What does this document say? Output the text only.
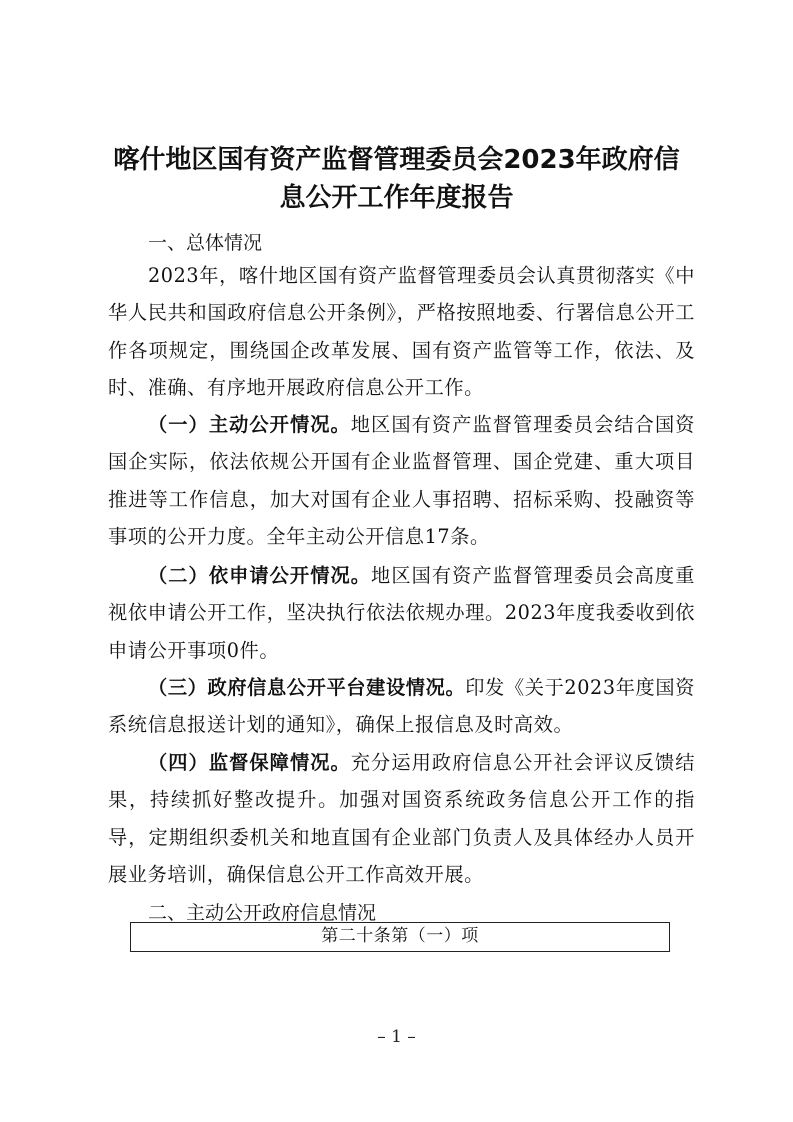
喀什地区国有资产监督管理委员会2023年政府信
息公开工作年度报告
一、总体情况
2023年，喀什地区国有资产监督管理委员会认真贯彻落实《中华人民共和国政府信息公开条例》，严格按照地委、行署信息公开工作各项规定，围绕国企改革发展、国有资产监管等工作，依法、及时、准确、有序地开展政府信息公开工作。
（一）主动公开情况。地区国有资产监督管理委员会结合国资国企实际，依法依规公开国有企业监督管理、国企党建、重大项目推进等工作信息，加大对国有企业人事招聘、招标采购、投融资等事项的公开力度。全年主动公开信息17条。
（二）依申请公开情况。地区国有资产监督管理委员会高度重视依申请公开工作，坚决执行依法依规办理。2023年度我委收到依申请公开事项0件。
（三）政府信息公开平台建设情况。印发《关于2023年度国资系统信息报送计划的通知》，确保上报信息及时高效。
（四）监督保障情况。充分运用政府信息公开社会评议反馈结果，持续抓好整改提升。加强对国资系统政务信息公开工作的指导，定期组织委机关和地直国有企业部门负责人及具体经办人员开展业务培训，确保信息公开工作高效开展。
二、主动公开政府信息情况
第二十条第（一）项
– 1 –
